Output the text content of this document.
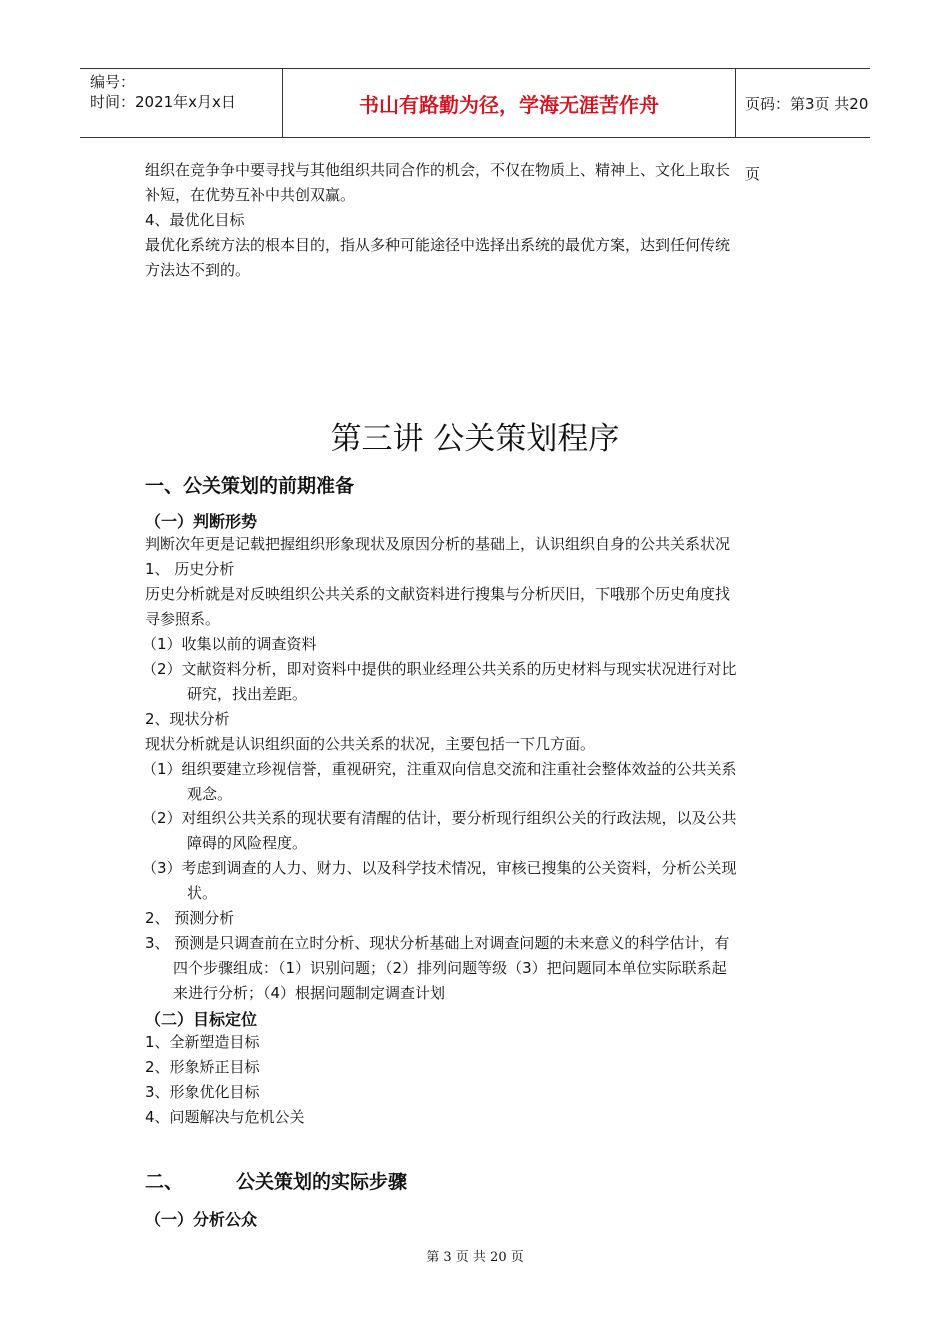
编号：
时间：2021年x月x日	书山有路勤为径，学海无涯苦作舟	页码：第3页 共20页
组织在竞争争中要寻找与其他组织共同合作的机会，不仅在物质上、精神上、文化上取长
补短，在优势互补中共创双赢。
4、最优化目标
最优化系统方法的根本目的，指从多种可能途径中选择出系统的最优方案，达到任何传统
方法达不到的。
第三讲 公关策划程序
一、公关策划的前期准备
（一）判断形势
判断次年更是记载把握组织形象现状及原因分析的基础上，认识组织自身的公共关系状况
1、 历史分析
历史分析就是对反映组织公共关系的文献资料进行搜集与分析厌旧，下哦那个历史角度找
寻参照系。
（1）收集以前的调查资料
（2）文献资料分析，即对资料中提供的职业经理公共关系的历史材料与现实状况进行对比
研究，找出差距。
2、现状分析
现状分析就是认识组织面的公共关系的状况，主要包括一下几方面。
（1）组织要建立珍视信誉，重视研究，注重双向信息交流和注重社会整体效益的公共关系
观念。
（2）对组织公共关系的现状要有清醒的估计，要分析现行组织公关的行政法规，以及公共
障碍的风险程度。
（3）考虑到调查的人力、财力、以及科学技术情况，审核已搜集的公关资料，分析公关现
状。
2、 预测分析
3、 预测是只调查前在立时分析、现状分析基础上对调查问题的未来意义的科学估计，有
四个步骤组成：（1）识别问题；（2）排列问题等级（3）把问题同本单位实际联系起
来进行分析；（4）根据问题制定调查计划
（二）目标定位
1、全新塑造目标
2、形象矫正目标
3、形象优化目标
4、问题解决与危机公关
二、	公关策划的实际步骤
（一）分析公众
第 3 页 共 20 页
